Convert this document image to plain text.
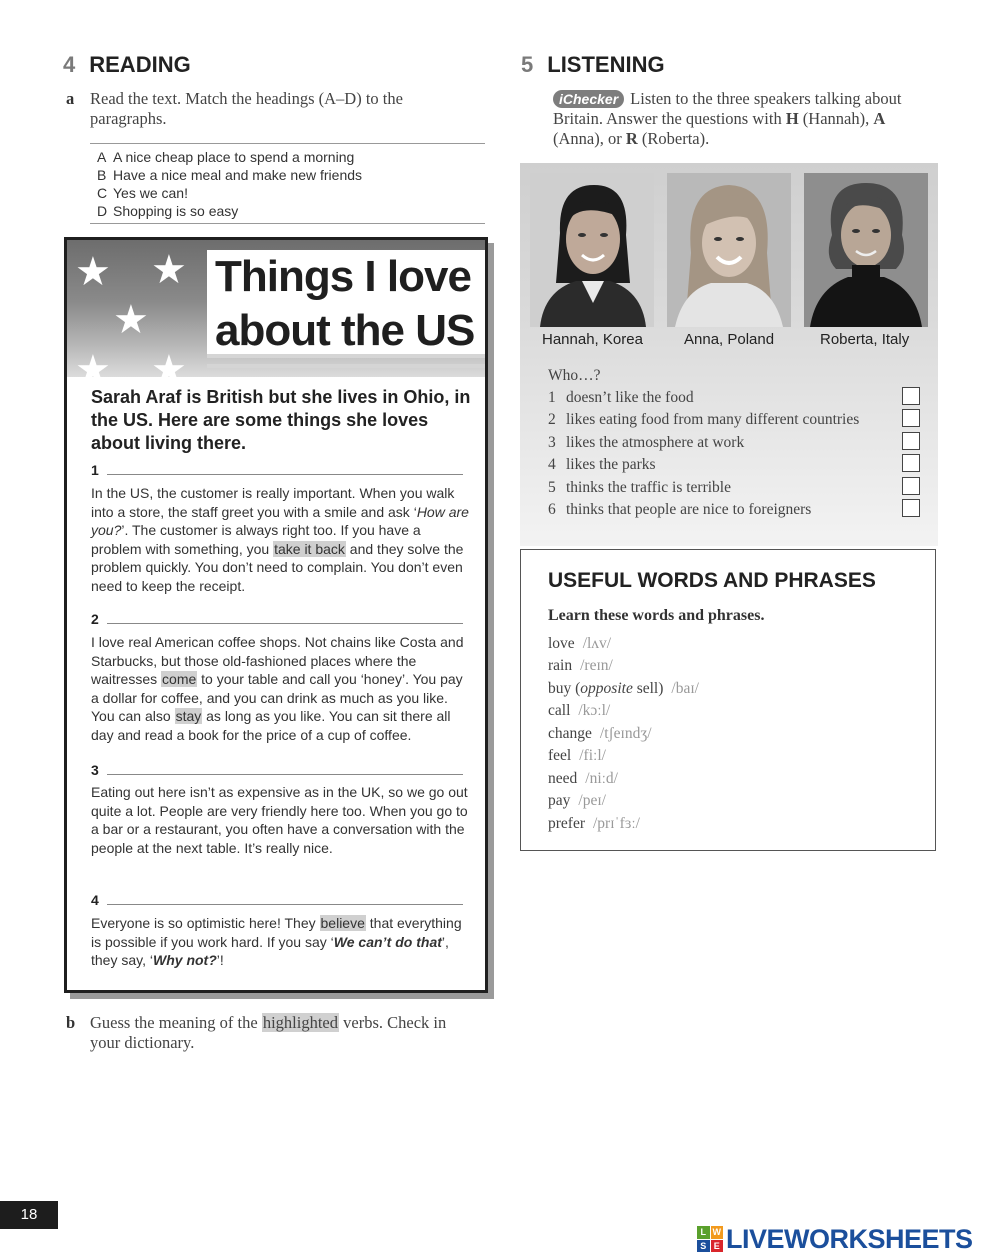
4 READING
a Read the text. Match the headings (A–D) to the paragraphs.
A A nice cheap place to spend a morning
B Have a nice meal and make new friends
C Yes we can!
D Shopping is so easy
★ ★
★
★ ★
Things I love
about the US
Sarah Araf is British but she lives in Ohio, in the US. Here are some things she loves about living there.
1
In the US, the customer is really important. When you walk into a store, the staff greet you with a smile and ask ‘How are you?’. The customer is always right too. If you have a problem with something, you take it back and they solve the problem quickly. You don’t need to complain. You don’t even need to keep the receipt.
2
I love real American coffee shops. Not chains like Costa and Starbucks, but those old-fashioned places where the waitresses come to your table and call you ‘honey’. You pay a dollar for coffee, and you can drink as much as you like. You can also stay as long as you like. You can sit there all day and read a book for the price of a cup of coffee.
3
Eating out here isn’t as expensive as in the UK, so we go out quite a lot. People are very friendly here too. When you go to a bar or a restaurant, you often have a conversation with the people at the next table. It’s really nice.
4
Everyone is so optimistic here! They believe that everything is possible if you work hard. If you say ‘We can’t do that’, they say, ‘Why not?’!
b Guess the meaning of the highlighted verbs. Check in your dictionary.
5 LISTENING
iChecker Listen to the three speakers talking about Britain. Answer the questions with H (Hannah), A (Anna), or R (Roberta).
Hannah, Korea	Anna, Poland	Roberta, Italy
Who…?
1 doesn’t like the food
2 likes eating food from many different countries
3 likes the atmosphere at work
4 likes the parks
5 thinks the traffic is terrible
6 thinks that people are nice to foreigners
USEFUL WORDS AND PHRASES
Learn these words and phrases.
love /lʌv/
rain /reɪn/
buy (opposite sell) /baɪ/
call /kɔːl/
change /tʃeɪndʒ/
feel /fiːl/
need /niːd/
pay /peɪ/
prefer /prɪˈfɜː/
18
L W
S E LIVEWORKSHEETS
